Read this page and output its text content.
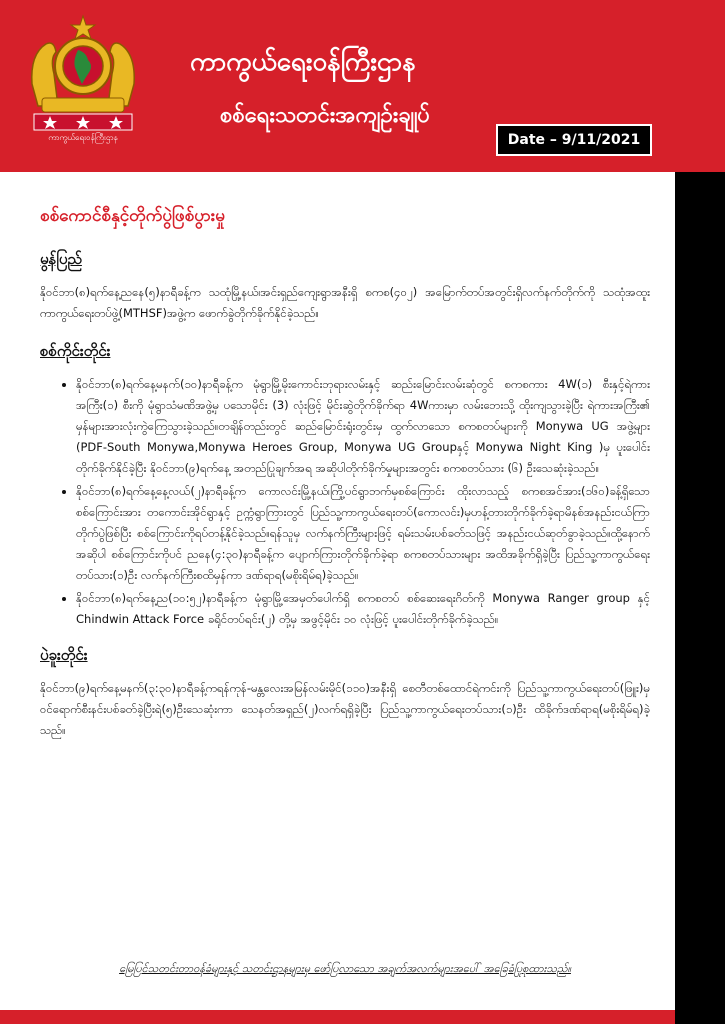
ကာကွယ်ရေးဝန်ကြီးဌာန
ကာကွယ်ရေးဝန်ကြီးဌာန
စစ်ရေးသတင်းအကျဉ်းချုပ်
Date – 9/11/2021
စစ်ကောင်စီနှင့်တိုက်ပွဲဖြစ်ပွားမှု
မွန်ပြည်

နိုဝင်ဘာ(၈)ရက်နေ့ညနေ(၅)နာရီခန့်က သထုံမြို့နယ်၊အင်းရှည်ကျေးရွာအနီးရှိ စကစ(၄၀၂) အမြောက်တပ်အတွင်းရှိလက်နက်တိုက်ကို သထုံအထူးကာကွယ်ရေးတပ်ဖွဲ့(MTHSF)အဖွဲ့က ဖောက်ခွဲတိုက်ခိုက်နိုင်ခဲ့သည်။

စစ်ကိုင်းတိုင်း
• နိုဝင်ဘာ(၈)ရက်နေ့မနက်(၁၀)နာရီခန့်က မုံရွာမြို့မိုးကောင်းဘုရားလမ်းနှင့် ဆည်းမြောင်းလမ်းဆုံတွင် စကစကား 4W(၁) စီးနှင့်ရဲကားအကြီး(၁) စီးကို မုံရွာသံမဏိအဖွဲ့မှ ပသောမိုင်း (3) လုံးဖြင့် မိုင်းဆွဲတိုက်ခိုက်ရာ 4Wကားမှာ လမ်းဘေးသို့ ထိုးကျသွားခဲ့ပြီး ရဲကားအကြီး၏ မှန်များအားလုံးကွဲကြေသွားခဲ့သည်။တချိန်တည်းတွင် ဆည်မြောင်းရုံးတွင်းမှ ထွက်လာသော စကစတပ်များကို Monywa UG အဖွဲ့များ (PDF-South Monywa,Monywa Heroes Group, Monywa UG Groupနှင့် Monywa Night King )မှ ပူးပေါင်းတိုက်ခိုက်နိုင်ခဲ့ပြီး နိုဝင်ဘာ(၉)ရက်နေ့ အတည်ပြုချက်အရ အဆိုပါတိုက်ခိုက်မှုများအတွင်း စကစတပ်သား (၆) ဦးသေဆုံးခဲ့သည်။
• နိုဝင်ဘာ(၈)ရက်နေ့နေ့လယ်(၂)နာရီခန့်က ကောလင်းမြို့နယ်၊ကြို့ပင်ရွာဘက်မှစစ်ကြောင်း ထိုးလာသည့် စကစအင်အား(၁၆၀)ခန့်ရှိသော စစ်ကြောင်းအား တကောင်းအိုင်ရွာနှင့် ဥက္ကံရွာကြားတွင် ပြည်သူ့ကာကွယ်ရေးတပ်(ကောလင်း)မှဟန့်တားတိုက်ခိုက်ခဲ့ရာမိနစ်အနည်းငယ်ကြာ တိုက်ပွဲဖြစ်ပြီး စစ်ကြောင်းကိုရပ်တန့်နိုင်ခဲ့သည်။ရန်သူမှ လက်နက်ကြီးများဖြင့် ရမ်းသမ်းပစ်ခတ်သဖြင့် အနည်းငယ်ဆုတ်ခွာခဲ့သည်။ထို့နောက်အဆိုပါ စစ်ကြောင်းကိုပင် ညနေ(၄:၃၀)နာရီခန့်က ပျောက်ကြားတိုက်ခိုက်ခဲ့ရာ စကစတပ်သားများ အထိအခိုက်ရှိခဲ့ပြီး ပြည်သူ့ကာကွယ်ရေးတပ်သား(၁)ဦး လက်နက်ကြီးစထိမှန်ကာ ဒဏ်ရာရ(မစိုးရိမ်ရ)ခဲ့သည်။
• နိုဝင်ဘာ(၈)ရက်နေ့ည(၁၀:၅၂)နာရီခန့်က မုံရွာမြို့အေမှတ်ပေါက်ရှိ စကစတပ် စစ်ဆေးရေးဂိတ်ကို Monywa Ranger group နှင့် Chindwin Attack Force ခရိုင်တပ်ရင်း(၂) တို့မှ အဖွင့်မိုင်း ၁၀ လုံးဖြင့် ပူးပေါင်းတိုက်ခိုက်ခဲ့သည်။
ပဲခူးတိုင်း

နိုဝင်ဘာ(၉)ရက်နေ့မနက်(၃:၃၀)နာရီခန့်ကရန်ကုန်-မန္တလေးအမြန်လမ်းမိုင်(၁၁၀)အနီးရှိ စေတီတစ်ထောင်ရဲကင်းကို ပြည်သူ့ကာကွယ်ရေးတပ်(ဖြူး)မှဝင်ရောက်စီးနင်းပစ်ခတ်ခဲ့ပြီးရဲ(၅)ဦးသေဆုံးကာ သေနတ်အရှည်(၂)လက်ရရှိခဲ့ပြီး ပြည်သူ့ကာကွယ်ရေးတပ်သား(၁)ဦး ထိခိုက်ဒဏ်ရာရ(မစိုးရိမ်ရ)ခဲ့သည်။

မြေပြင်သတင်းတာဝန်ခံများနှင့် သတင်းဌာနများမှ ဖော်ပြလာသော အချက်အလက်များအပေါ် အခြေခံပြုစုထားသည်။
